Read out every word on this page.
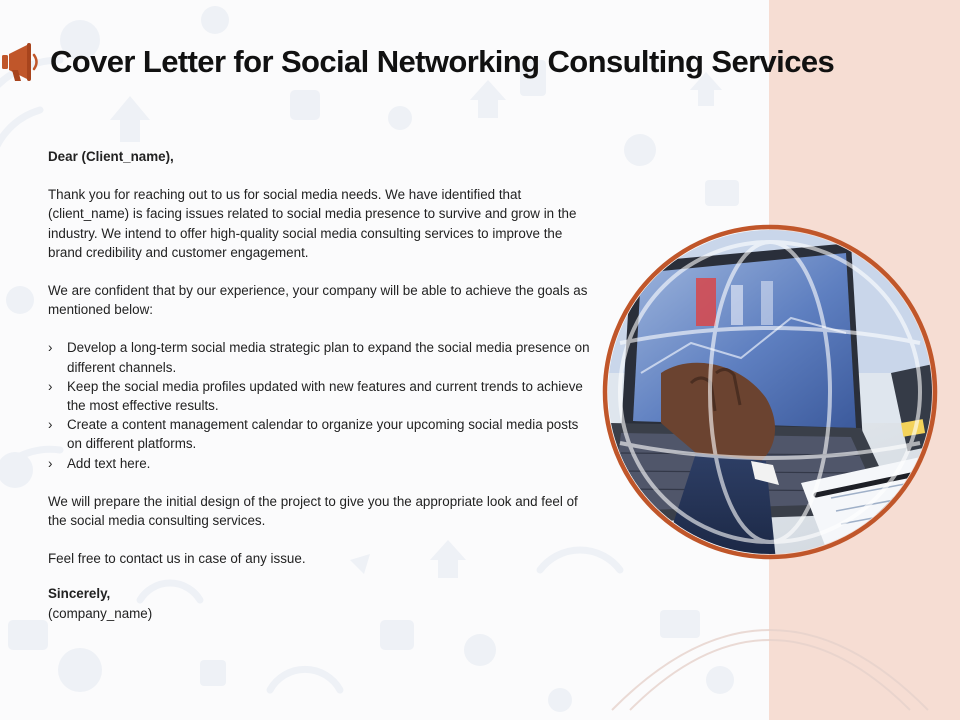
Cover Letter for Social Networking Consulting Services

Dear (Client_name),

Thank you for reaching out to us for social media needs. We have identified that (client_name) is facing issues related to social media presence to survive and grow in the industry. We intend to offer high-quality social media consulting services to improve the brand credibility and customer engagement.

We are confident that by our experience, your company will be able to achieve the goals as mentioned below:

› Develop a long-term social media strategic plan to expand the social media presence on different channels.
› Keep the social media profiles updated with new features and current trends to achieve the most effective results.
› Create a content management calendar to organize your upcoming social media posts on different platforms.
› Add text here.

We will prepare the initial design of the project to give you the appropriate look and feel of the social media consulting services.

Feel free to contact us in case of any issue.

Sincerely,

(company_name)
